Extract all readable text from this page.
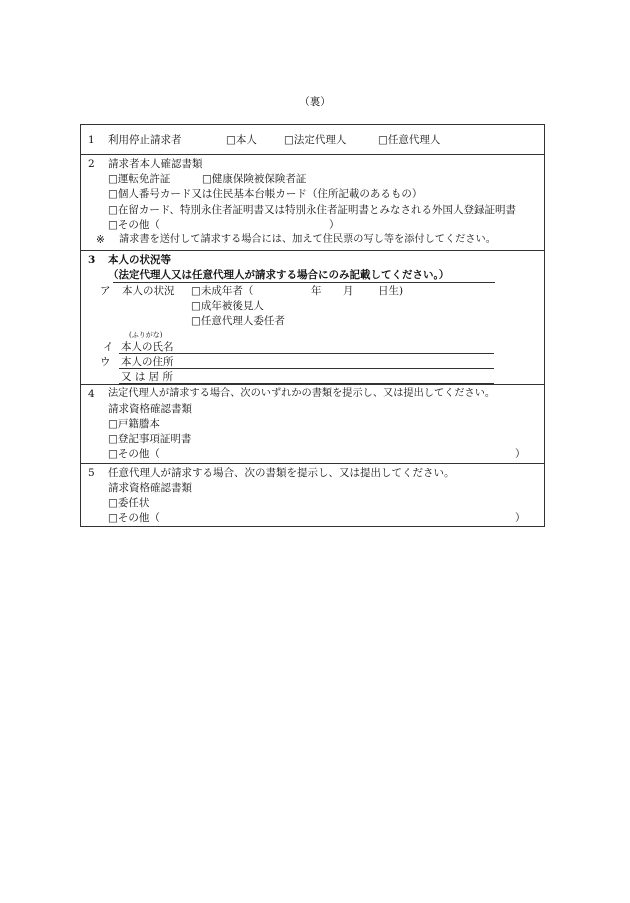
（裏）
1 利用停止請求者	□本人	□法定代理人	□任意代理人
2 請求者本人確認書類
□運転免許証	□健康保険被保険者証
□個人番号カード又は住民基本台帳カード（住所記載のあるもの）
□在留カード、特別永住者証明書又は特別永住者証明書とみなされる外国人登録証明書
□その他（	）
※ 請求書を送付して請求する場合には、加えて住民票の写し等を添付してください。
3 本人の状況等
（法定代理人又は任意代理人が請求する場合にのみ記載してください。）
ア 本人の状況 □未成年者（	年 月 日生)
□成年被後見人
□任意代理人委任者
(ふりがな)
イ 本人の氏名
ウ 本人の住所
又 は 居 所
4 法定代理人が請求する場合、次のいずれかの書類を提示し、又は提出してください。
請求資格確認書類
□戸籍謄本
□登記事項証明書
□その他（	）
5 任意代理人が請求する場合、次の書類を提示し、又は提出してください。
請求資格確認書類
□委任状
□その他（	）
